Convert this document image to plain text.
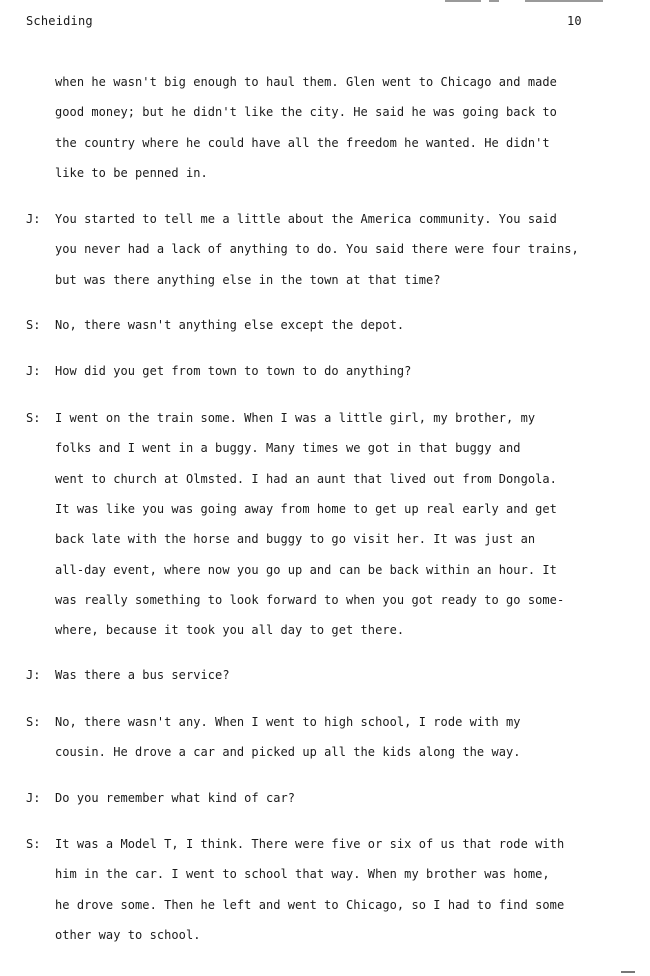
Scheiding	10
when he wasn't big enough to haul them. Glen went to Chicago and made
good money; but he didn't like the city. He said he was going back to
the country where he could have all the freedom he wanted. He didn't
like to be penned in.
J: You started to tell me a little about the America community. You said
you never had a lack of anything to do. You said there were four trains,
but was there anything else in the town at that time?
S: No, there wasn't anything else except the depot.
J: How did you get from town to town to do anything?
S: I went on the train some. When I was a little girl, my brother, my
folks and I went in a buggy. Many times we got in that buggy and
went to church at Olmsted. I had an aunt that lived out from Dongola.
It was like you was going away from home to get up real early and get
back late with the horse and buggy to go visit her. It was just an
all-day event, where now you go up and can be back within an hour. It
was really something to look forward to when you got ready to go some-
where, because it took you all day to get there.
J: Was there a bus service?
S: No, there wasn't any. When I went to high school, I rode with my
cousin. He drove a car and picked up all the kids along the way.
J: Do you remember what kind of car?
S: It was a Model T, I think. There were five or six of us that rode with
him in the car. I went to school that way. When my brother was home,
he drove some. Then he left and went to Chicago, so I had to find some
other way to school.
